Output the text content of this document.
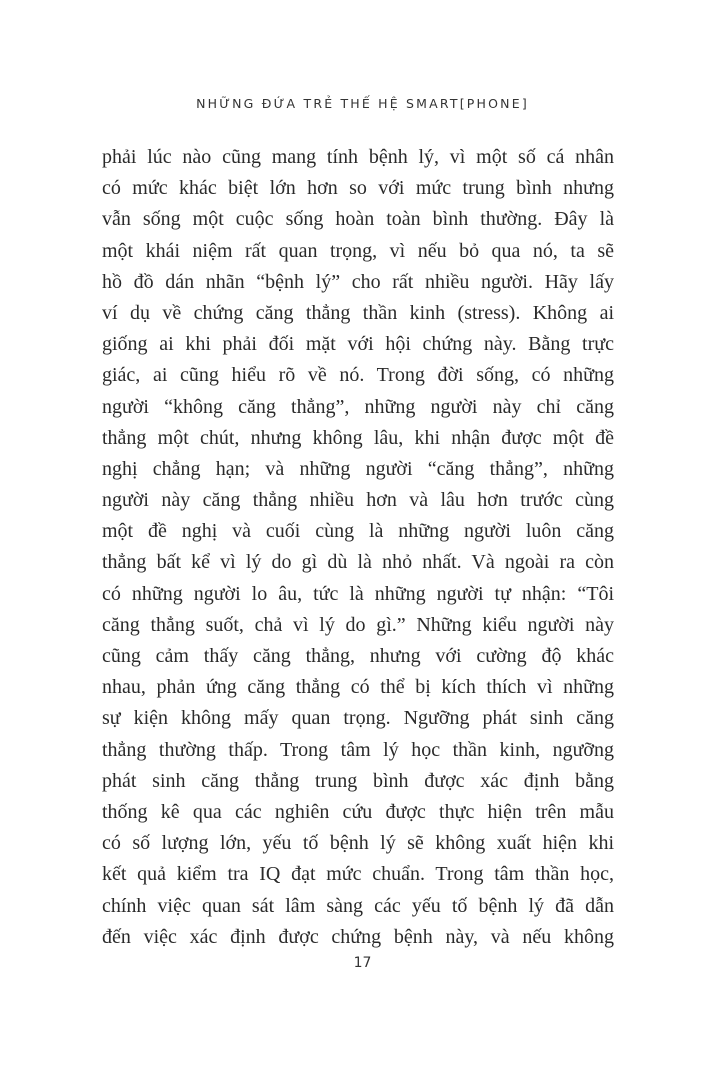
NHỮNG ĐỨA TRẺ THẾ HỆ SMART[PHONE]
phải lúc nào cũng mang tính bệnh lý, vì một số cá nhân
có mức khác biệt lớn hơn so với mức trung bình nhưng
vẫn sống một cuộc sống hoàn toàn bình thường. Đây là
một khái niệm rất quan trọng, vì nếu bỏ qua nó, ta sẽ
hồ đồ dán nhãn “bệnh lý” cho rất nhiều người. Hãy lấy
ví dụ về chứng căng thẳng thần kinh (stress). Không ai
giống ai khi phải đối mặt với hội chứng này. Bằng trực
giác, ai cũng hiểu rõ về nó. Trong đời sống, có những
người “không căng thẳng”, những người này chỉ căng
thẳng một chút, nhưng không lâu, khi nhận được một đề
nghị chẳng hạn; và những người “căng thẳng”, những
người này căng thẳng nhiều hơn và lâu hơn trước cùng
một đề nghị và cuối cùng là những người luôn căng
thẳng bất kể vì lý do gì dù là nhỏ nhất. Và ngoài ra còn
có những người lo âu, tức là những người tự nhận: “Tôi
căng thẳng suốt, chả vì lý do gì.” Những kiểu người này
cũng cảm thấy căng thẳng, nhưng với cường độ khác
nhau, phản ứng căng thẳng có thể bị kích thích vì những
sự kiện không mấy quan trọng. Ngưỡng phát sinh căng
thẳng thường thấp. Trong tâm lý học thần kinh, ngưỡng
phát sinh căng thẳng trung bình được xác định bằng
thống kê qua các nghiên cứu được thực hiện trên mẫu
có số lượng lớn, yếu tố bệnh lý sẽ không xuất hiện khi
kết quả kiểm tra IQ đạt mức chuẩn. Trong tâm thần học,
chính việc quan sát lâm sàng các yếu tố bệnh lý đã dẫn
đến việc xác định được chứng bệnh này, và nếu không
17
